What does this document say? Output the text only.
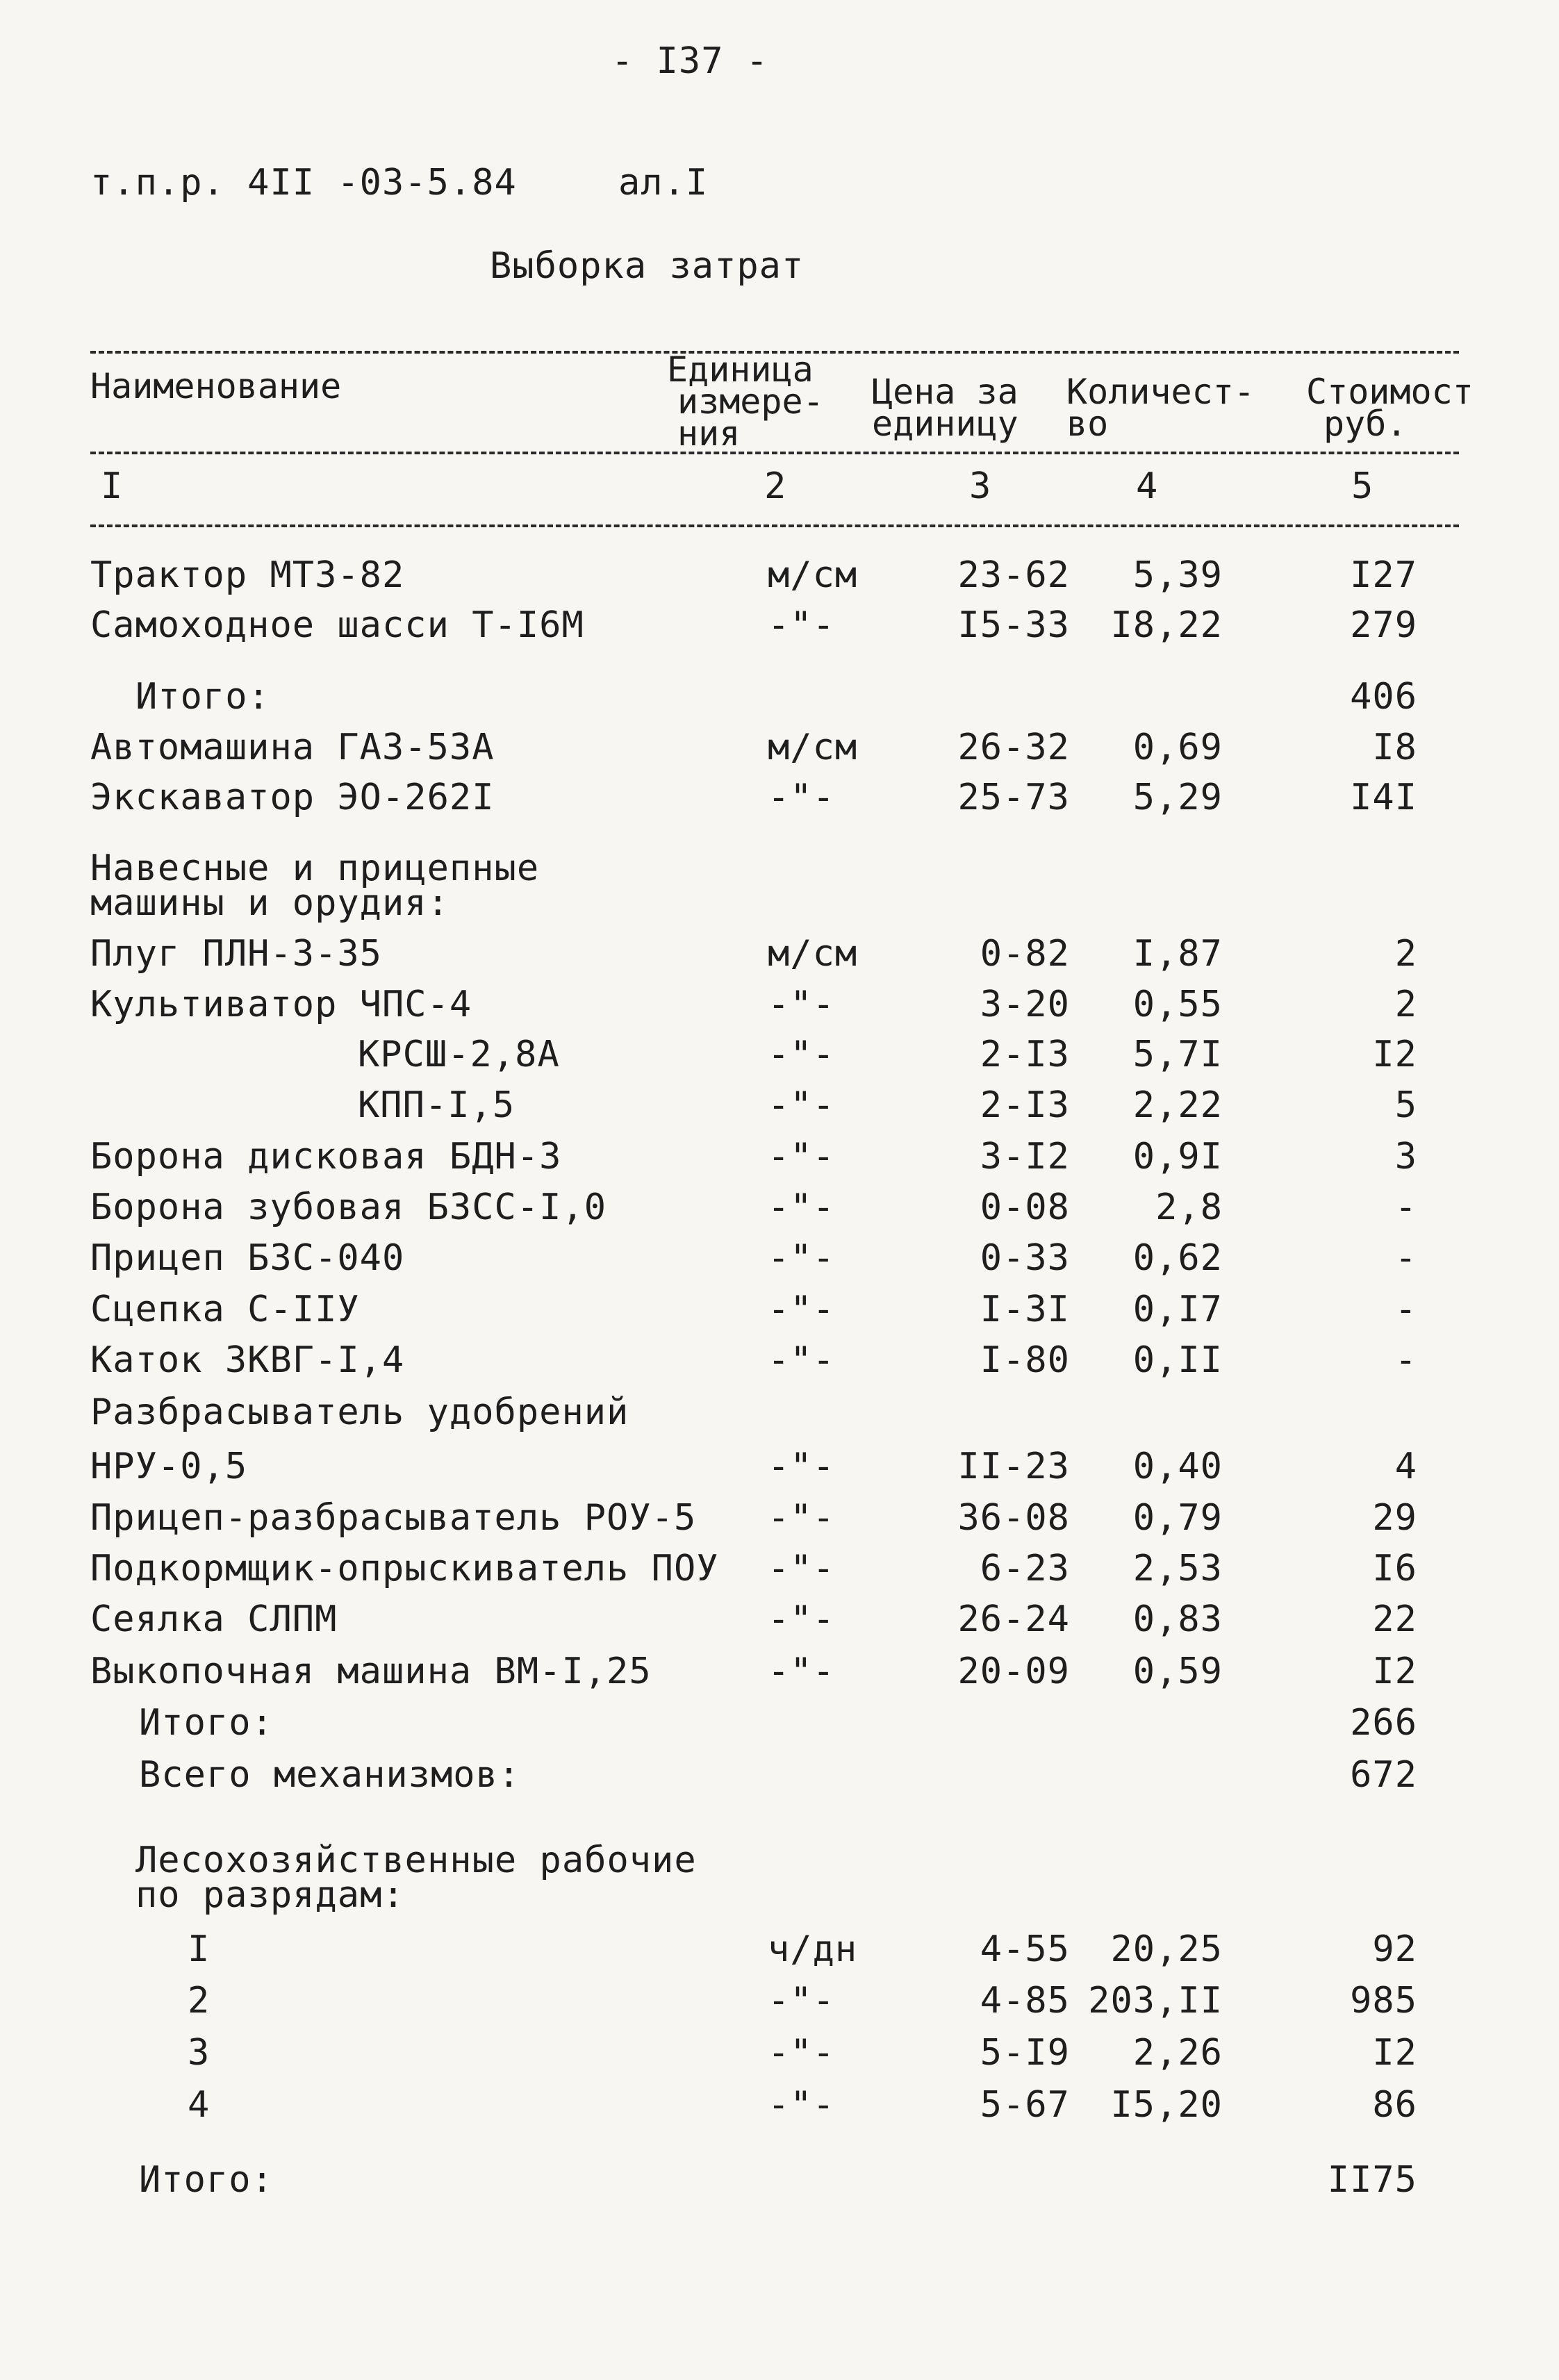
- I37 -
т.п.р. 4II -03-5.84	ал.I
Выборка затрат
Наименование	Единица
измере-
ния
Цена за
единицу
Количест-
во
Стоимост
руб.
I	2	3	4	5
Трактор МТЗ-82	м/см	23-62	5,39	I27
Самоходное шасси Т-I6М	-"-	I5-33	I8,22	279
Итого:	406
Автомашина ГАЗ-53А	м/см	26-32	0,69	I8
Экскаватор ЭО-262I	-"-	25-73	5,29	I4I
Навесные и прицепные
машины и орудия:
Плуг ПЛН-3-35	м/см	0-82	I,87	2
Культиватор ЧПС-4	-"-	3-20	0,55	2
КРСШ-2,8А	-"-	2-I3	5,7I	I2
КПП-I,5	-"-	2-I3	2,22	5
Борона дисковая БДН-3	-"-	3-I2	0,9I	3
Борона зубовая БЗСС-I,0	-"-	0-08	2,8	-
Прицеп БЗС-040	-"-	0-33	0,62	-
Сцепка С-IIУ	-"-	I-3I	0,I7	-
Каток ЗКВГ-I,4	-"-	I-80	0,II	-
Разбрасыватель удобрений
НРУ-0,5	-"-	II-23	0,40	4
Прицеп-разбрасыватель РОУ-5 -"-	36-08	0,79	29
Подкормщик-опрыскиватель ПОУ -"-	6-23	2,53	I6
Сеялка СЛПМ	-"-	26-24	0,83	22
Выкопочная машина ВМ-I,25	-"-	20-09	0,59	I2
Итого:	266
Всего механизмов:	672
Лесохозяйственные рабочие
по разрядам:
I	ч/дн	4-55	20,25	92
2	-"-	4-85 203,II	985
3	-"-	5-I9	2,26	I2
4	-"-	5-67	I5,20	86
Итого:	II75
